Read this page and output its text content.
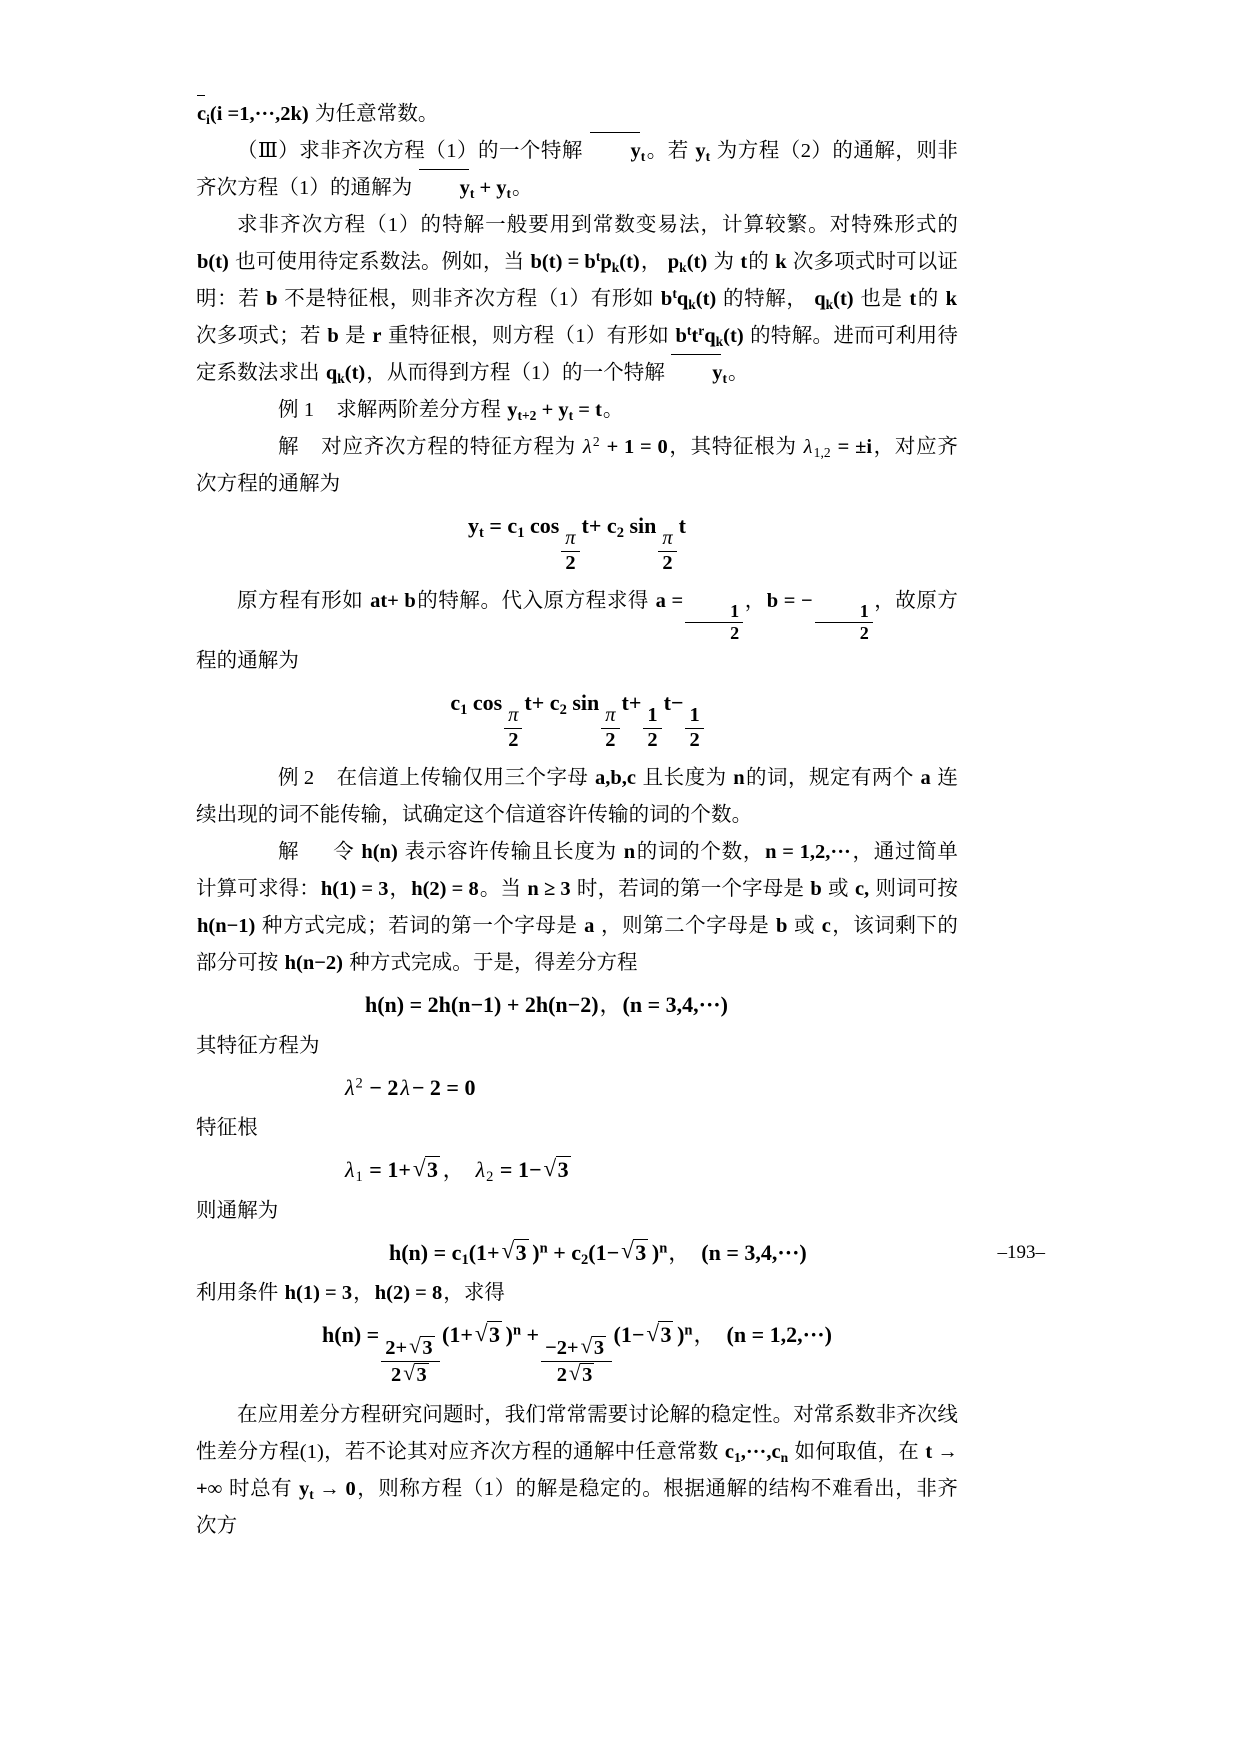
$c_i(i =1,\cdot\cdot\cdot,2k)$ 为任意常数。

（Ⅲ）求非齐次方程（1）的一个特解 $y_t$。若 $y_t$ 为方程（2）的通解，则非齐次方程（1）的通解为 $y_t + y_t$。

求非齐次方程（1）的特解一般要用到常数变易法，计算较繁。对特殊形式的 b(t) 也可使用待定系数法。例如，当 $b(t) = b^tp_k(t)$， $p_k(t)$ 为 t的 k 次多项式时可以证明：若 b 不是特征根，则非齐次方程（1）有形如 $b^tq_k(t)$ 的特解， $q_k(t)$ 也是 t的 k 次多项式；若 b 是 r 重特征根，则方程（1）有形如 $b^tt^rq_k(t)$ 的特解。进而可利用待定系数法求出 $q_k(t)$，从而得到方程（1）的一个特解 $y_t$。

例 1 求解两阶差分方程 $y_{t+2} + y_t = t$。

解 对应齐次方程的特征方程为 $\lambda^2 + 1 = 0$，其特征根为 $\lambda_{1,2} = \pm i$，对应齐次方程的通解为

$y_t = c_1$ cos
$\frac{\pi}{2}$
$t+ c_2$ sin
$\frac{\pi}{2}$
t

原方程有形如 at+ b的特解。代入原方程求得 a =
$\frac{1}{2}$
，b = −
$\frac{1}{2}$
，故原方程的通解为

$c_1$ cos
$\frac{\pi}{2}$
$t+ c_2$ sin
$\frac{\pi}{2}$
t+
$\frac{1}{2}$
t−
$\frac{1}{2}$

例 2 在信道上传输仅用三个字母 a,b,c 且长度为 n的词，规定有两个 a 连续出现的词不能传输，试确定这个信道容许传输的词的个数。

解 令 h(n) 表示容许传输且长度为 n的词的个数，n = 1,2,···，通过简单计算可求得：h(1) = 3，h(2) = 8。当 n ≥ 3 时，若词的第一个字母是 b 或 c, 则词可按 h(n−1) 种方式完成；若词的第一个字母是 a ，则第二个字母是 b 或 c，该词剩下的部分可按 h(n−2) 种方式完成。于是，得差分方程

h(n) = 2h(n−1) + 2h(n−2)，(n = 3,4,···)

其特征方程为

$\lambda^2 - 2\lambda- 2 = 0$

特征根

$\lambda_1 = 1+$ √ 3 ， $\lambda_2 = 1-$ √ 3

则通解为

$h(n) = c_1(1+$ √ 3 )$^n + c_2(1-$ √ 3 )$^n$， (n = 3,4,···)

利用条件 h(1) = 3，h(2) = 8，求得

h(n) =
$\frac{2+ √ 3}{2 √ 3}$
(1+ √ 3 )$^n$ +
$\frac{-2+ √ 3}{2 √ 3}$
(1− √ 3 )$^n$， (n = 1,2,···)

在应用差分方程研究问题时，我们常常需要讨论解的稳定性。对常系数非齐次线性差分方程(1)，若不论其对应齐次方程的通解中任意常数 $c_1,\cdot\cdot\cdot,c_n$ 如何取值，在 t → +∞ 时总有 $y_t \to 0$，则称方程（1）的解是稳定的。根据通解的结构不难看出，非齐次方

–193–
